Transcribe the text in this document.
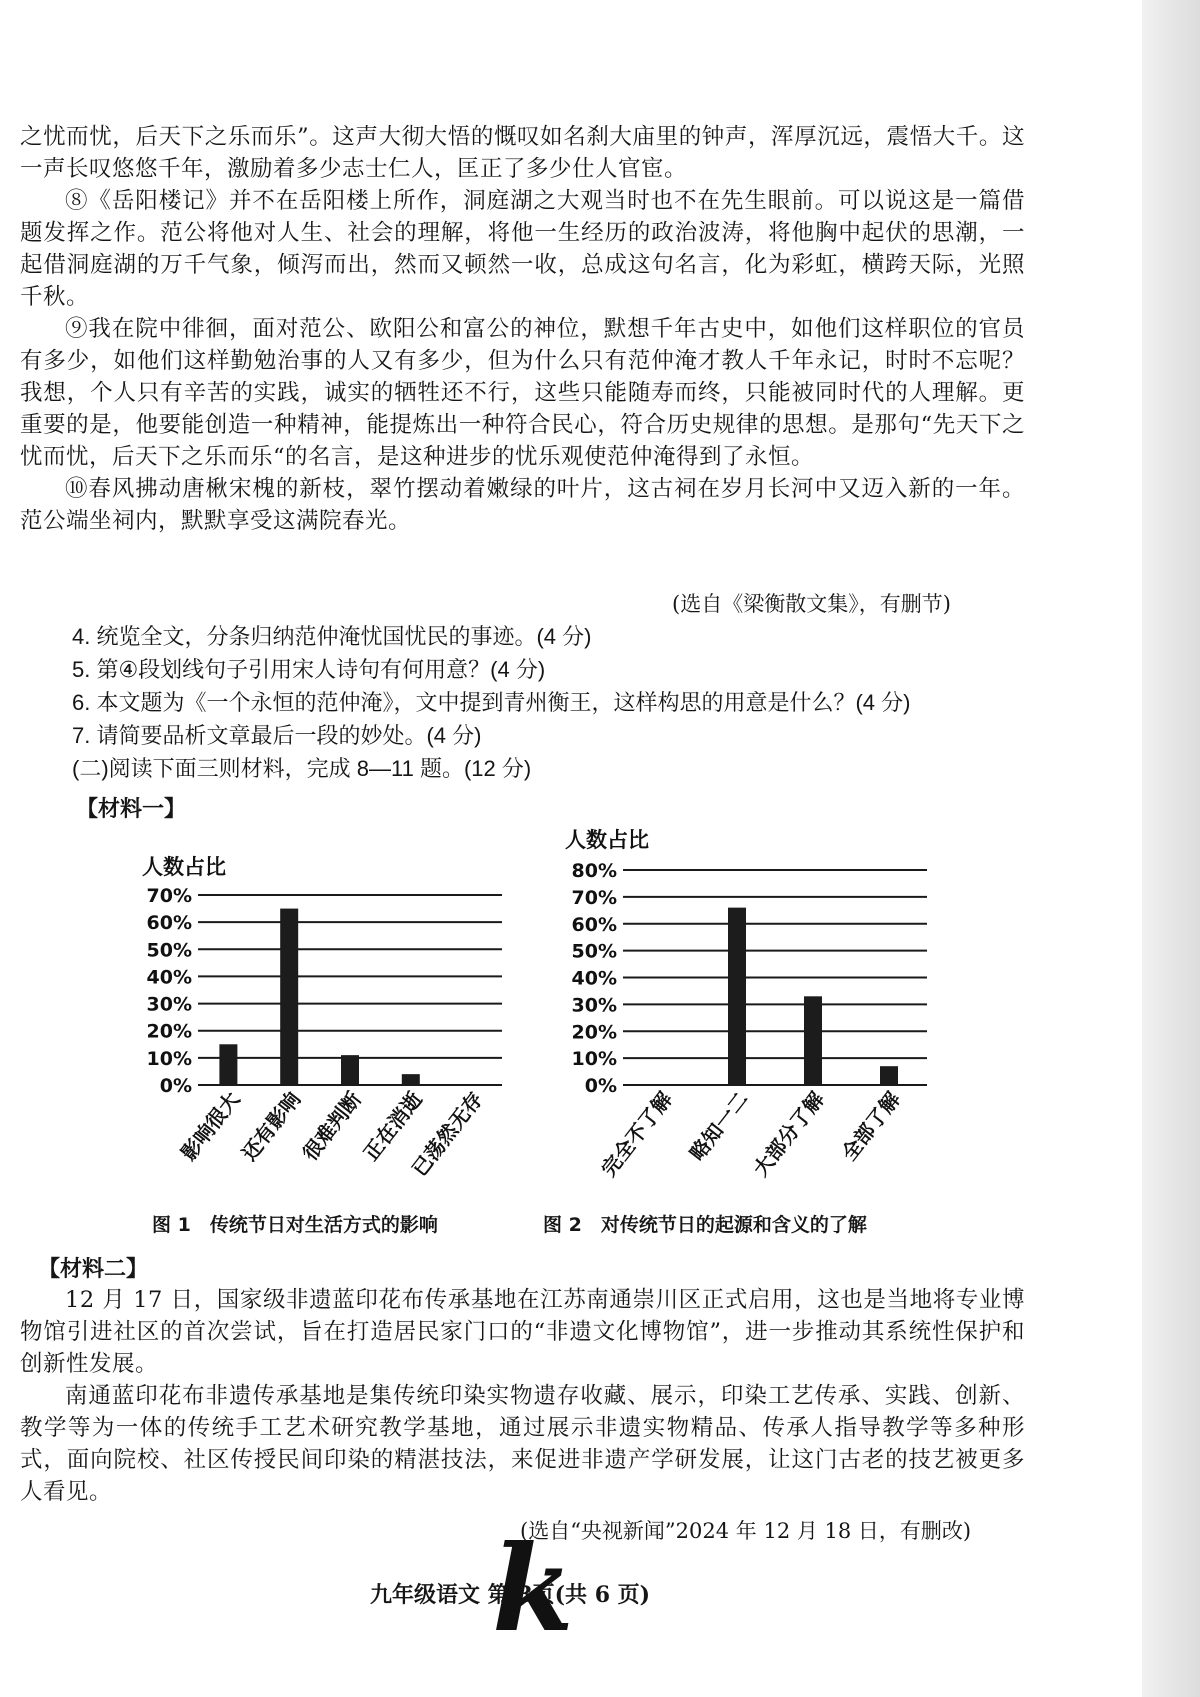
之忧而忧，后天下之乐而乐”。这声大彻大悟的慨叹如名刹大庙里的钟声，浑厚沉远，震悟大千。这一声长叹悠悠千年，激励着多少志士仁人，匡正了多少仕人官宦。

⑧《岳阳楼记》并不在岳阳楼上所作，洞庭湖之大观当时也不在先生眼前。可以说这是一篇借题发挥之作。范公将他对人生、社会的理解，将他一生经历的政治波涛，将他胸中起伏的思潮，一起借洞庭湖的万千气象，倾泻而出，然而又顿然一收，总成这句名言，化为彩虹，横跨天际，光照千秋。

⑨我在院中徘徊，面对范公、欧阳公和富公的神位，默想千年古史中，如他们这样职位的官员有多少，如他们这样勤勉治事的人又有多少，但为什么只有范仲淹才教人千年永记，时时不忘呢？我想，个人只有辛苦的实践，诚实的牺牲还不行，这些只能随寿而终，只能被同时代的人理解。更重要的是，他要能创造一种精神，能提炼出一种符合民心，符合历史规律的思想。是那句“先天下之忧而忧，后天下之乐而乐“的名言，是这种进步的忧乐观使范仲淹得到了永恒。

⑩春风拂动唐楸宋槐的新枝，翠竹摆动着嫩绿的叶片，这古祠在岁月长河中又迈入新的一年。范公端坐祠内，默默享受这满院春光。

(选自《梁衡散文集》，有删节)
4. 统览全文，分条归纳范仲淹忧国忧民的事迹。(4 分)
5. 第④段划线句子引用宋人诗句有何用意？(4 分)
6. 本文题为《一个永恒的范仲淹》，文中提到青州衡王，这样构思的用意是什么？(4 分)
7. 请简要品析文章最后一段的妙处。(4 分)
(二)阅读下面三则材料，完成 8—11 题。(12 分)
【材料一】
人数占比
0%
10%
20%
30%
40%
50%
60%
70%
影响很大
还有影响
很难判断
正在消逝
已荡然无存
人数占比
0%
10%
20%
30%
40%
50%
60%
70%
80%
完全不了解 略知一二
大部分了解 全部了解
图 1　传统节日对生活方式的影响	图 2　对传统节日的起源和含义的了解
【材料二】

12 月 17 日，国家级非遗蓝印花布传承基地在江苏南通崇川区正式启用，这也是当地将专业博物馆引进社区的首次尝试，旨在打造居民家门口的“非遗文化博物馆”，进一步推动其系统性保护和创新性发展。

南通蓝印花布非遗传承基地是集传统印染实物遗存收藏、展示，印染工艺传承、实践、创新、教学等为一体的传统手工艺术研究教学基地，通过展示非遗实物精品、传承人指导教学等多种形式，面向院校、社区传授民间印染的精湛技法，来促进非遗产学研发展，让这门古老的技艺被更多人看见。

(选自“央视新闻”2024 年 12 月 18 日，有删改)
九年级语文 第 3页(共 6 页)
k
